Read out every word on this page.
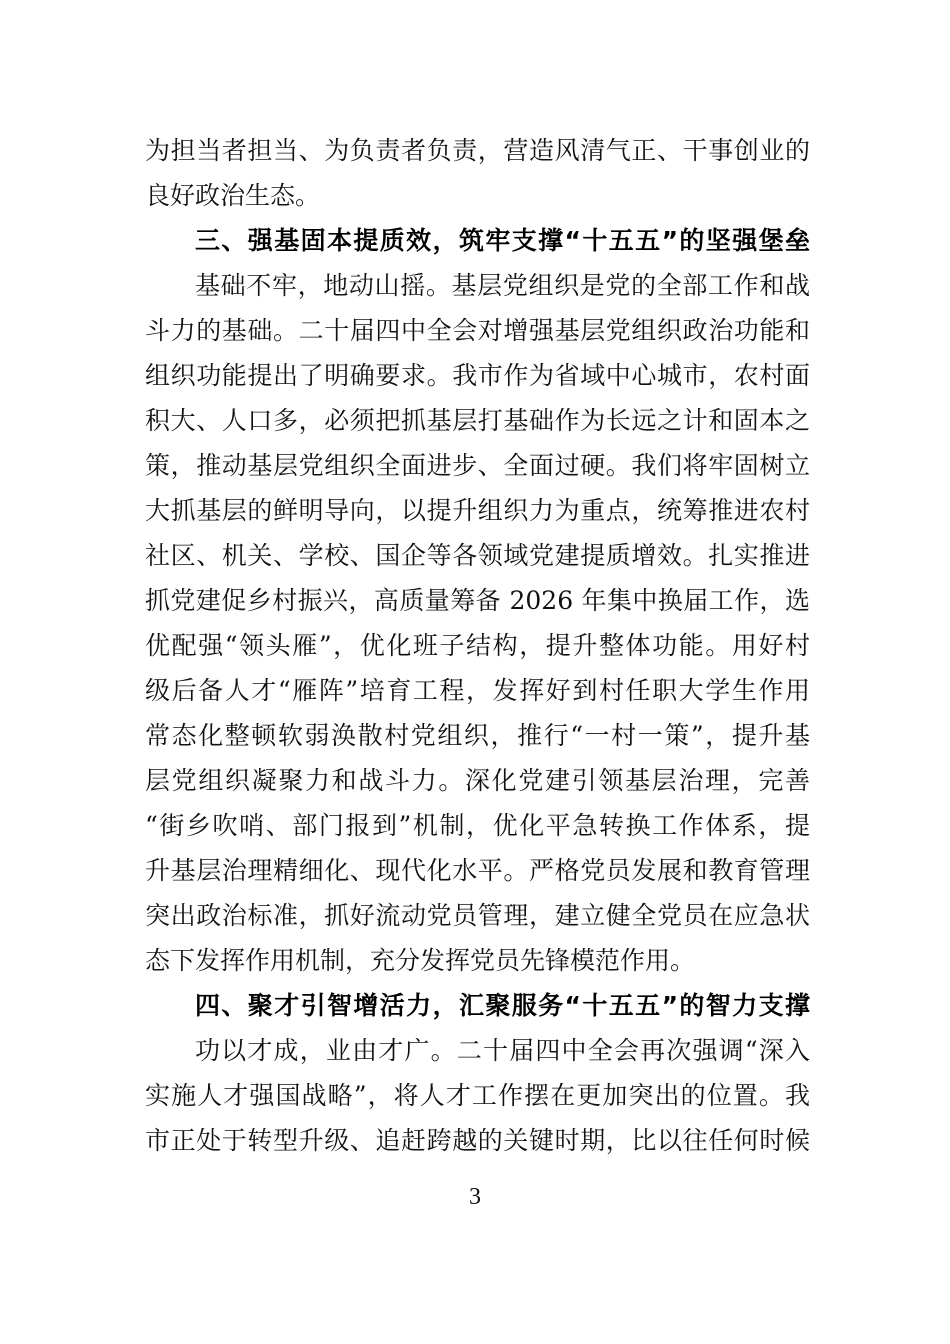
为担当者担当、为负责者负责，营造风清气正、干事创业的
良好政治生态。
三、强基固本提质效，筑牢支撑“十五五”的坚强堡垒
基础不牢，地动山摇。基层党组织是党的全部工作和战
斗力的基础。二十届四中全会对增强基层党组织政治功能和
组织功能提出了明确要求。我市作为省域中心城市，农村面
积大、人口多，必须把抓基层打基础作为长远之计和固本之
策，推动基层党组织全面进步、全面过硬。我们将牢固树立
大抓基层的鲜明导向，以提升组织力为重点，统筹推进农村
社区、机关、学校、国企等各领域党建提质增效。扎实推进
抓党建促乡村振兴，高质量筹备 2026 年集中换届工作，选
优配强“领头雁”，优化班子结构，提升整体功能。用好村
级后备人才“雁阵”培育工程，发挥好到村任职大学生作用
常态化整顿软弱涣散村党组织，推行“一村一策”，提升基
层党组织凝聚力和战斗力。深化党建引领基层治理，完善
“街乡吹哨、部门报到”机制，优化平急转换工作体系，提
升基层治理精细化、现代化水平。严格党员发展和教育管理
突出政治标准，抓好流动党员管理，建立健全党员在应急状
态下发挥作用机制，充分发挥党员先锋模范作用。
四、聚才引智增活力，汇聚服务“十五五”的智力支撑
功以才成，业由才广。二十届四中全会再次强调“深入
实施人才强国战略”，将人才工作摆在更加突出的位置。我
市正处于转型升级、追赶跨越的关键时期，比以往任何时候
3
